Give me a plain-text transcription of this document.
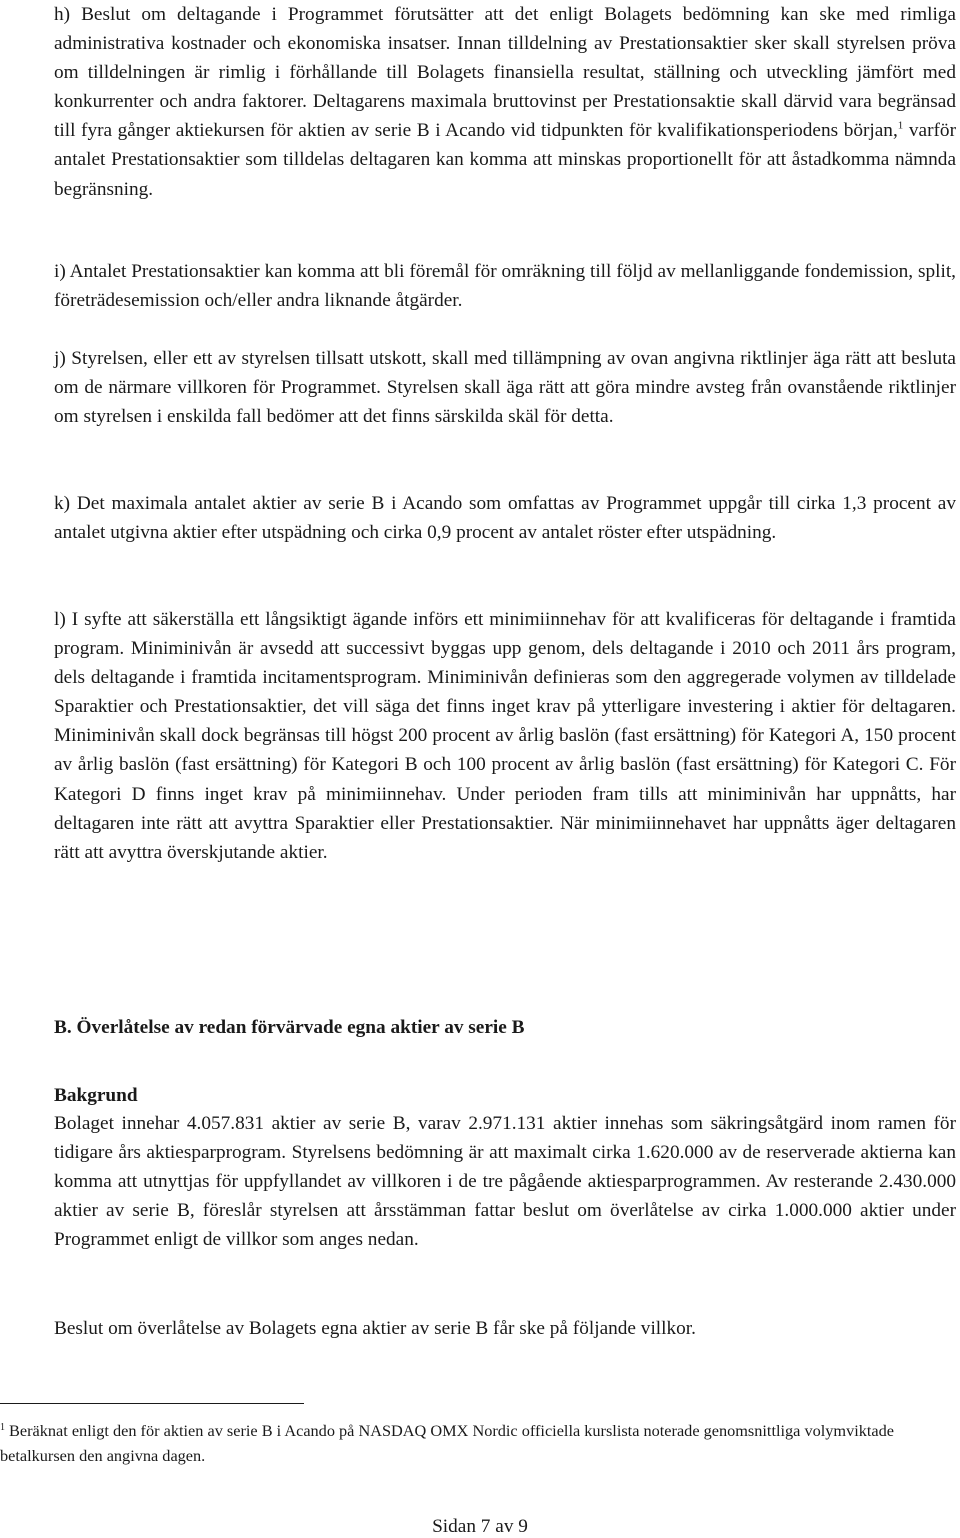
h) Beslut om deltagande i Programmet förutsätter att det enligt Bolagets bedömning kan ske med rimliga administrativa kostnader och ekonomiska insatser. Innan tilldelning av Prestationsaktier sker skall styrelsen pröva om tilldelningen är rimlig i förhållande till Bolagets finansiella resultat, ställning och utveckling jämfört med konkurrenter och andra faktorer. Deltagarens maximala bruttovinst per Prestationsaktie skall därvid vara begränsad till fyra gånger aktiekursen för aktien av serie B i Acando vid tidpunkten för kvalifikationsperiodens början,$^1$ varför antalet Prestationsaktier som tilldelas deltagaren kan komma att minskas proportionellt för att åstadkomma nämnda begränsning.

i) Antalet Prestationsaktier kan komma att bli föremål för omräkning till följd av mellanliggande fondemission, split, företrädesemission och/eller andra liknande åtgärder.

j) Styrelsen, eller ett av styrelsen tillsatt utskott, skall med tillämpning av ovan angivna riktlinjer äga rätt att besluta om de närmare villkoren för Programmet. Styrelsen skall äga rätt att göra mindre avsteg från ovanstående riktlinjer om styrelsen i enskilda fall bedömer att det finns särskilda skäl för detta.

k) Det maximala antalet aktier av serie B i Acando som omfattas av Programmet uppgår till cirka 1,3 procent av antalet utgivna aktier efter utspädning och cirka 0,9 procent av antalet röster efter utspädning.

l) I syfte att säkerställa ett långsiktigt ägande införs ett minimiinnehav för att kvalificeras för deltagande i framtida program. Miniminivån är avsedd att successivt byggas upp genom, dels deltagande i 2010 och 2011 års program, dels deltagande i framtida incitamentsprogram. Miniminivån definieras som den aggregerade volymen av tilldelade Sparaktier och Prestationsaktier, det vill säga det finns inget krav på ytterligare investering i aktier för deltagaren. Miniminivån skall dock begränsas till högst 200 procent av årlig baslön (fast ersättning) för Kategori A, 150 procent av årlig baslön (fast ersättning) för Kategori B och 100 procent av årlig baslön (fast ersättning) för Kategori C. För Kategori D finns inget krav på minimiinnehav. Under perioden fram tills att miniminivån har uppnåtts, har deltagaren inte rätt att avyttra Sparaktier eller Prestationsaktier. När minimiinnehavet har uppnåtts äger deltagaren rätt att avyttra överskjutande aktier.

B. Överlåtelse av redan förvärvade egna aktier av serie B

Bakgrund

Bolaget innehar 4.057.831 aktier av serie B, varav 2.971.131 aktier innehas som säkringsåtgärd inom ramen för tidigare års aktiesparprogram. Styrelsens bedömning är att maximalt cirka 1.620.000 av de reserverade aktierna kan komma att utnyttjas för uppfyllandet av villkoren i de tre pågående aktiesparprogrammen. Av resterande 2.430.000 aktier av serie B, föreslår styrelsen att årsstämman fattar beslut om överlåtelse av cirka 1.000.000 aktier under Programmet enligt de villkor som anges nedan.

Beslut om överlåtelse av Bolagets egna aktier av serie B får ske på följande villkor.

$^1$ Beräknat enligt den för aktien av serie B i Acando på NASDAQ OMX Nordic officiella kurslista noterade genomsnittliga volymviktade betalkursen den angivna dagen.

Sidan 7 av 9
